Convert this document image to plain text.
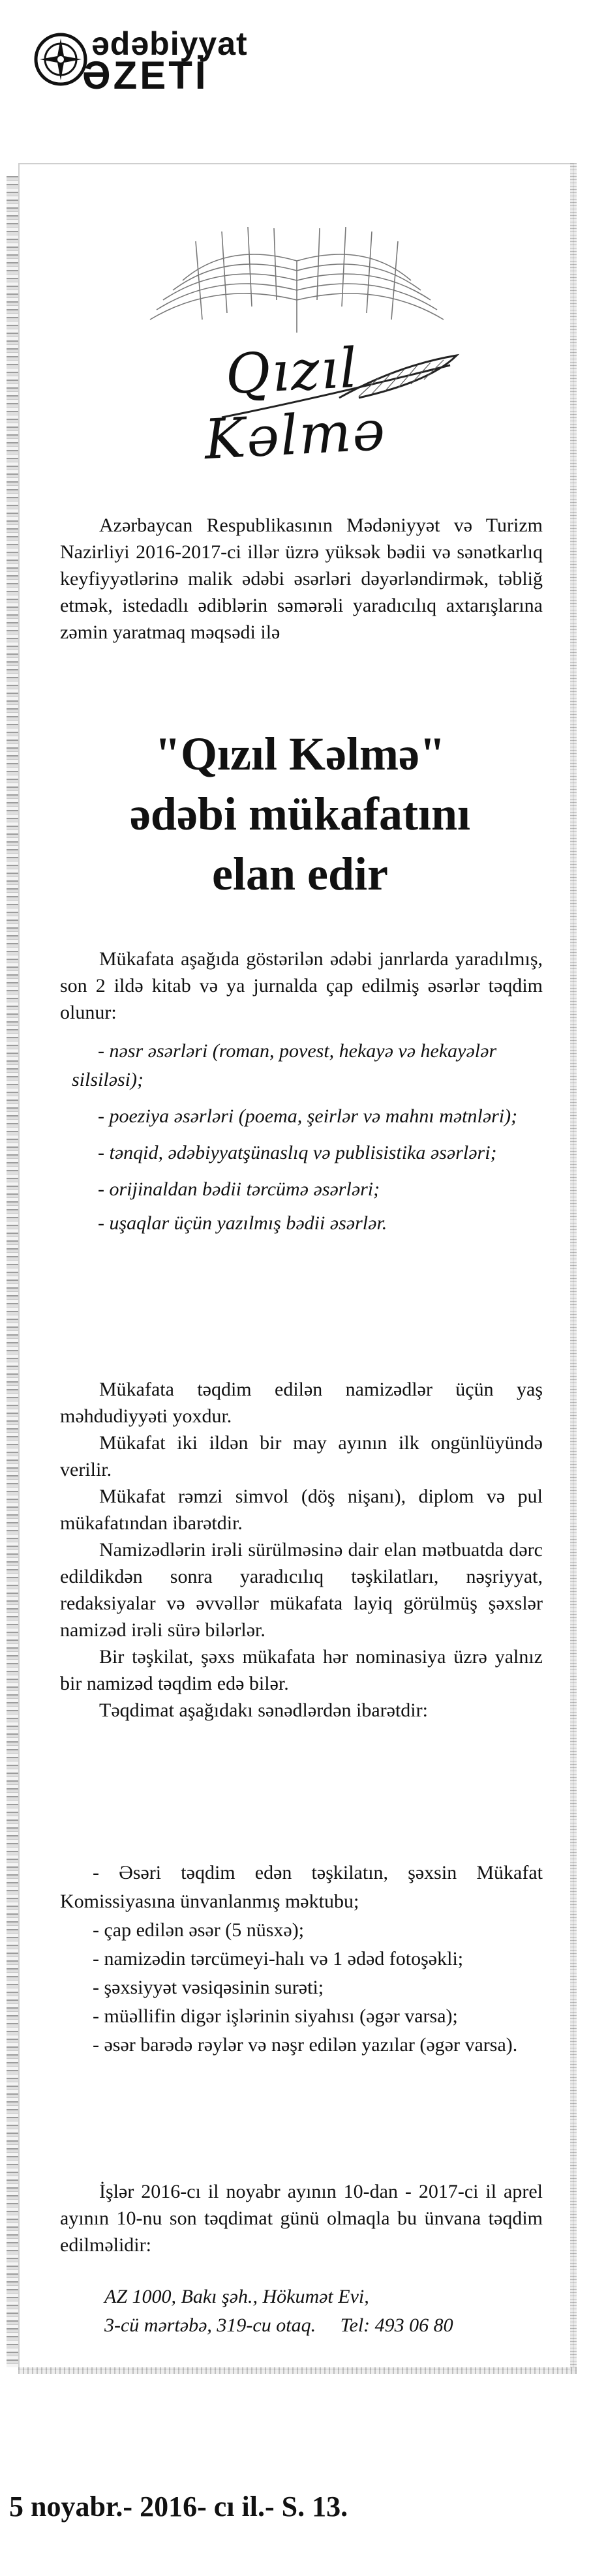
ədəbiyyat
ƏZETİ
Qızıl Kəlmə
Azərbaycan Respublikasının Mədəniyyət və Turizm Nazirliyi 2016-2017-ci illər üzrə yüksək bədii və sənətkarlıq keyfiyyətlərinə malik ədəbi əsərləri dəyərləndirmək, təbliğ etmək, istedadlı ədiblərin səmərəli yaradıcılıq axtarışlarına zəmin yaratmaq məqsədi ilə
"Qızıl Kəlmə"
ədəbi mükafatını
elan edir

Mükafata aşağıda göstərilən ədəbi janrlarda yaradılmış, son 2 ildə kitab və ya jurnalda çap edilmiş əsərlər təqdim olunur:

- nəsr əsərləri (roman, povest, hekayə və hekayələr silsiləsi);
- poeziya əsərləri (poema, şeirlər və mahnı mətnləri);
- tənqid, ədəbiyyatşünaslıq və publisistika əsərləri;
- orijinaldan bədii tərcümə əsərləri;
- uşaqlar üçün yazılmış bədii əsərlər.

Mükafata təqdim edilən namizədlər üçün yaş məhdudiyyəti yoxdur.

Mükafat iki ildən bir may ayının ilk ongünlüyündə verilir.

Mükafat rəmzi simvol (döş nişanı), diplom və pul mükafatından ibarətdir.

Namizədlərin irəli sürülməsinə dair elan mətbuatda dərc edildikdən sonra yaradıcılıq təşkilatları, nəşriyyat, redaksiyalar və əvvəllər mükafata layiq görülmüş şəxslər namizəd irəli sürə bilərlər.

Bir təşkilat, şəxs mükafata hər nominasiya üzrə yalnız bir namizəd təqdim edə bilər.

Təqdimat aşağıdakı sənədlərdən ibarətdir:

- Əsəri təqdim edən təşkilatın, şəxsin Mükafat Komissiyasına ünvanlanmış məktubu;
- çap edilən əsər (5 nüsxə);
- namizədin tərcümeyi-halı və 1 ədəd fotoşəkli;
- şəxsiyyət vəsiqəsinin surəti;
- müəllifin digər işlərinin siyahısı (əgər varsa);
- əsər barədə rəylər və nəşr edilən yazılar (əgər varsa).
İşlər 2016-cı il noyabr ayının 10-dan - 2017-ci il aprel ayının 10-nu son təqdimat günü olmaqla bu ünvana təqdim edilməlidir:
AZ 1000, Bakı şəh., Hökumət Evi,
3-cü mərtəbə, 319-cu otaq. Tel: 493 06 80
5 noyabr.- 2016- cı il.- S. 13.
